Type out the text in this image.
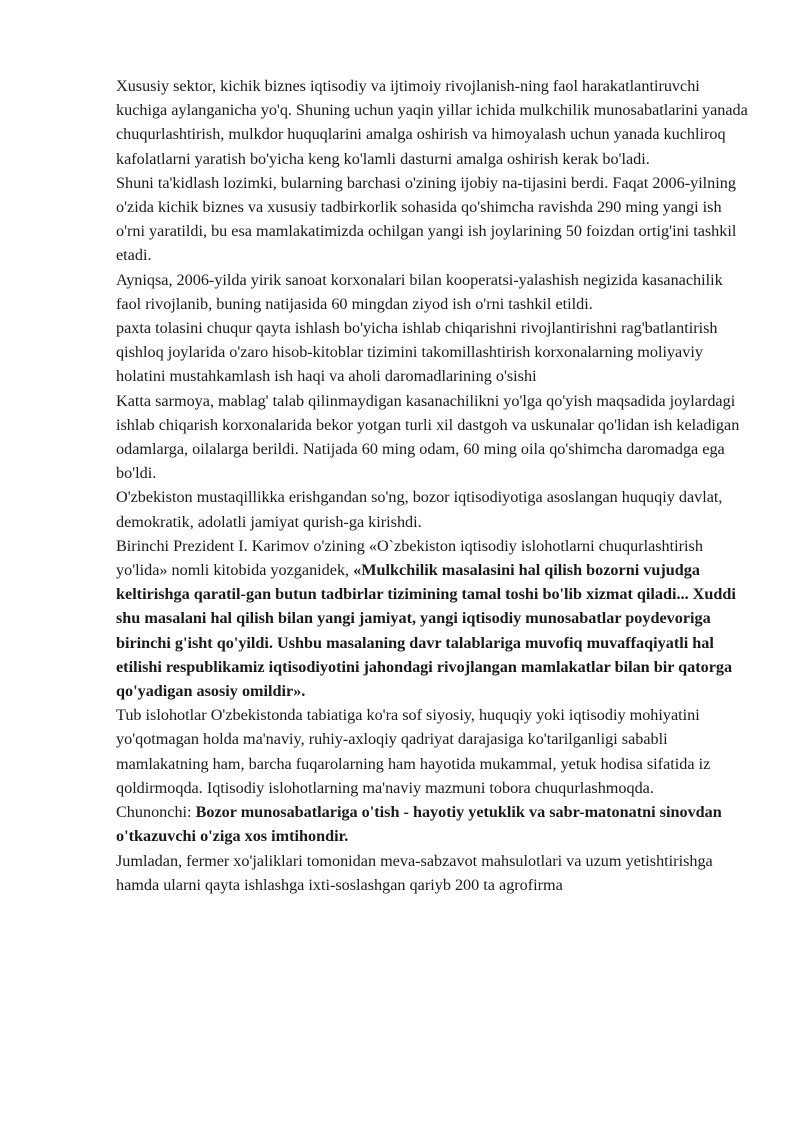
Xususiy sektor, kichik biznes iqtisodiy va ijtimoiy rivojlanish-ning faol harakatlantiruvchi kuchiga aylanganicha yo'q. Shuning uchun yaqin yillar ichida mulkchilik munosabatlarini yanada chuqurlashtirish, mulkdor huquqlarini amalga oshirish va himoyalash uchun yanada kuchliroq kafolatlarni yaratish bo'yicha keng ko'lamli dasturni amalga oshirish kerak bo'ladi.

Shuni ta'kidlash lozimki, bularning barchasi o'zining ijobiy na-tijasini berdi. Faqat 2006-yilning o'zida kichik biznes va xususiy tadbirkorlik sohasida qo'shimcha ravishda 290 ming yangi ish o'rni yaratildi, bu esa mamlakatimizda ochilgan yangi ish joylarining 50 foizdan ortig'ini tashkil etadi.

Ayniqsa, 2006-yilda yirik sanoat korxonalari bilan kooperatsi-yalashish negizida kasanachilik faol rivojlanib, buning natijasida 60 mingdan ziyod ish o'rni tashkil etildi.

paxta tolasini chuqur qayta ishlash bo'yicha ishlab chiqarishni rivojlantirishni rag'batlantirish qishloq joylarida o'zaro hisob-kitoblar tizimini takomillashtirish korxonalarning moliyaviy holatini mustahkamlash ish haqi va aholi daromadlarining o'sishi

Katta sarmoya, mablag' talab qilinmaydigan kasanachilikni yo'lga qo'yish maqsadida joylardagi ishlab chiqarish korxonalarida bekor yotgan turli xil dastgoh va uskunalar qo'lidan ish keladigan odamlarga, oilalarga berildi. Natijada 60 ming odam, 60 ming oila qo'shimcha daromadga ega bo'ldi.

O'zbekiston mustaqillikka erishgandan so'ng, bozor iqtisodiyotiga asoslangan huquqiy davlat, demokratik, adolatli jamiyat qurish-ga kirishdi.

Birinchi Prezident I. Karimov o'zining «O`zbekiston iqtisodiy islohotlarni chuqurlashtirish yo'lida» nomli kitobida yozganidek, «Mulkchilik masalasini hal qilish bozorni vujudga keltirishga qaratil-gan butun tadbirlar tizimining tamal toshi bo'lib xizmat qiladi... Xuddi shu masalani hal qilish bilan yangi jamiyat, yangi iqtisodiy munosabatlar poydevoriga birinchi g'isht qo'yildi. Ushbu masalaning davr talablariga muvofiq muvaffaqiyatli hal etilishi respublikamiz iqtisodiyotini jahondagi rivojlangan mamlakatlar bilan bir qatorga qo'yadigan asosiy omildir».

Tub islohotlar O'zbekistonda tabiatiga ko'ra sof siyosiy, huquqiy yoki iqtisodiy mohiyatini yo'qotmagan holda ma'naviy, ruhiy-axloqiy qadriyat darajasiga ko'tarilganligi sababli mamlakatning ham, barcha fuqarolarning ham hayotida mukammal, yetuk hodisa sifatida iz qoldirmoqda. Iqtisodiy islohotlarning ma'naviy mazmuni tobora chuqurlashmoqda.

Chunonchi: Bozor munosabatlariga o'tish - hayotiy yetuklik va sabr-matonatni sinovdan o'tkazuvchi o'ziga xos imtihondir.

Jumladan, fermer xo'jaliklari tomonidan meva-sabzavot mahsulotlari va uzum yetishtirishga hamda ularni qayta ishlashga ixti-soslashgan qariyb 200 ta agrofirma
